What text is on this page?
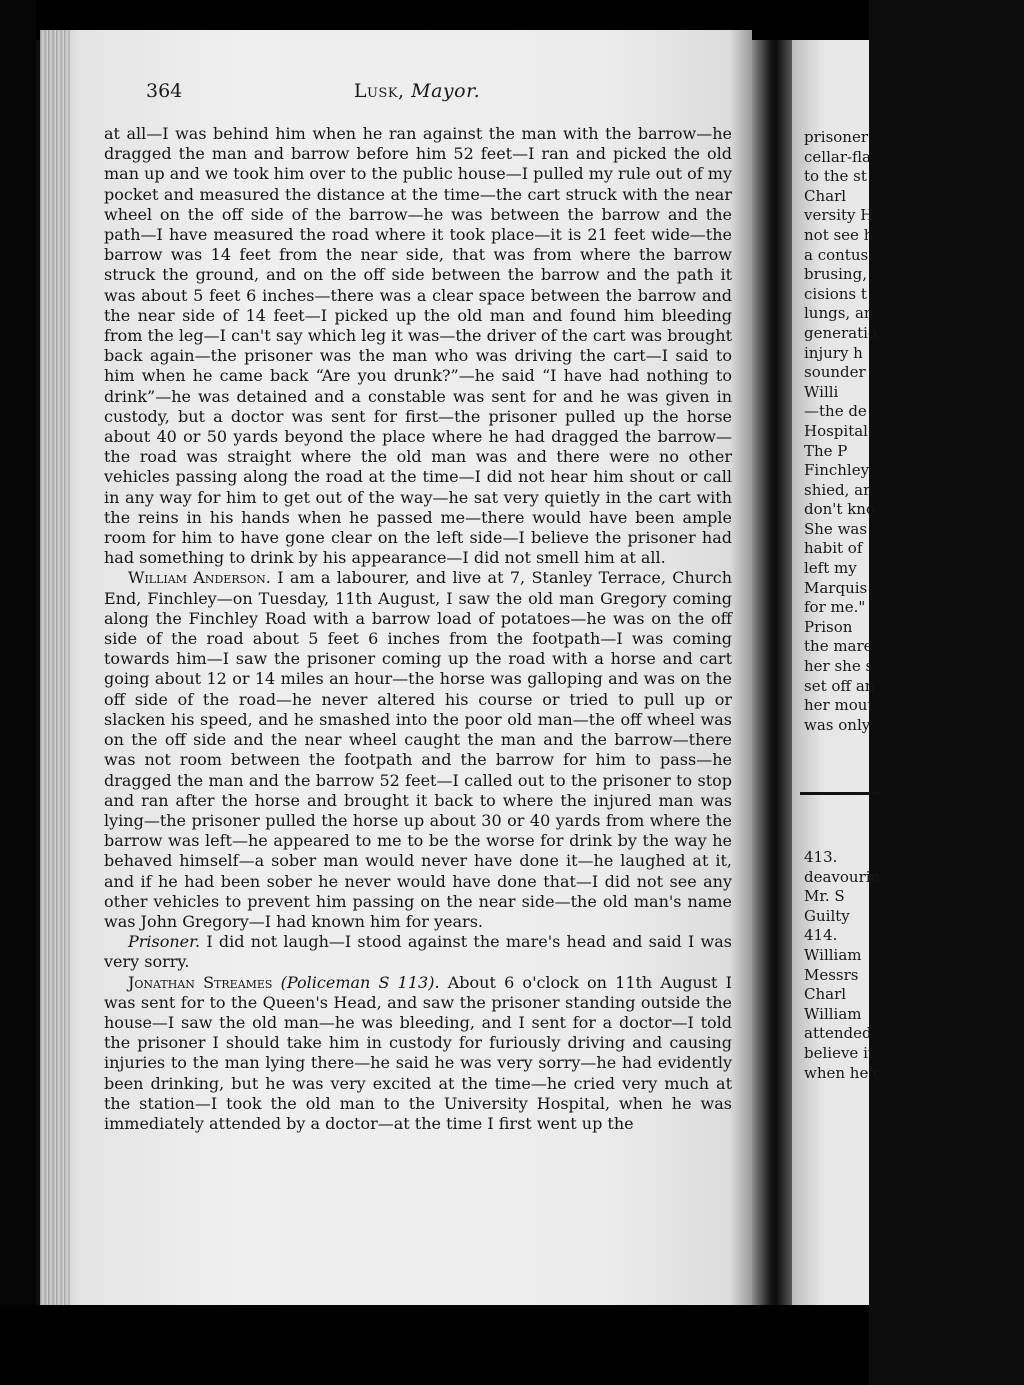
prisoner
cellar-fla
to the st
Charl
versity H
not see h
a contus
brusing,
cisions t
lungs, an
generatio
injury h
sounder
Willi
—the de
Hospital
The P
Finchley
shied, an
don't kno
She was
habit of
left my
Marquis
for me."
Prison
the mare
her she s
set off an
her mout
was only
413.
deavourin
Mr. S
Guilty
414.
William
Messrs
Charl
William
attended
believe it
when he c
364	Lusk, Mayor.

at all—I was behind him when he ran against the man with the barrow—he dragged the man and barrow before him 52 feet—I ran and picked the old man up and we took him over to the public house—I pulled my rule out of my pocket and measured the distance at the time—the cart struck with the near wheel on the off side of the barrow—he was between the barrow and the path—I have measured the road where it took place—it is 21 feet wide—the barrow was 14 feet from the near side, that was from where the barrow struck the ground, and on the off side between the barrow and the path it was about 5 feet 6 inches—there was a clear space between the barrow and the near side of 14 feet—I picked up the old man and found him bleeding from the leg—I can't say which leg it was—the driver of the cart was brought back again—the prisoner was the man who was driving the cart—I said to him when he came back “Are you drunk?”—he said “I have had nothing to drink”—he was detained and a constable was sent for and he was given in custody, but a doctor was sent for first—the prisoner pulled up the horse about 40 or 50 yards beyond the place where he had dragged the barrow—the road was straight where the old man was and there were no other vehicles passing along the road at the time—I did not hear him shout or call in any way for him to get out of the way—he sat very quietly in the cart with the reins in his hands when he passed me—there would have been ample room for him to have gone clear on the left side—I believe the prisoner had had something to drink by his appearance—I did not smell him at all.

William Anderson. I am a labourer, and live at 7, Stanley Terrace, Church End, Finchley—on Tuesday, 11th August, I saw the old man Gregory coming along the Finchley Road with a barrow load of potatoes—he was on the off side of the road about 5 feet 6 inches from the footpath—I was coming towards him—I saw the prisoner coming up the road with a horse and cart going about 12 or 14 miles an hour—the horse was galloping and was on the off side of the road—he never altered his course or tried to pull up or slacken his speed, and he smashed into the poor old man—the off wheel was on the off side and the near wheel caught the man and the barrow—there was not room between the footpath and the barrow for him to pass—he dragged the man and the barrow 52 feet—I called out to the prisoner to stop and ran after the horse and brought it back to where the injured man was lying—the prisoner pulled the horse up about 30 or 40 yards from where the barrow was left—he appeared to me to be the worse for drink by the way he behaved himself—a sober man would never have done it—he laughed at it, and if he had been sober he never would have done that—I did not see any other vehicles to prevent him passing on the near side—the old man's name was John Gregory—I had known him for years.

Prisoner. I did not laugh—I stood against the mare's head and said I was very sorry.

Jonathan Streames (Policeman S 113). About 6 o'clock on 11th August I was sent for to the Queen's Head, and saw the prisoner standing outside the house—I saw the old man—he was bleeding, and I sent for a doctor—I told the prisoner I should take him in custody for furiously driving and causing injuries to the man lying there—he said he was very sorry—he had evidently been drinking, but he was very excited at the time—he cried very much at the station—I took the old man to the University Hospital, when he was immediately attended by a doctor—at the time I first went up the
